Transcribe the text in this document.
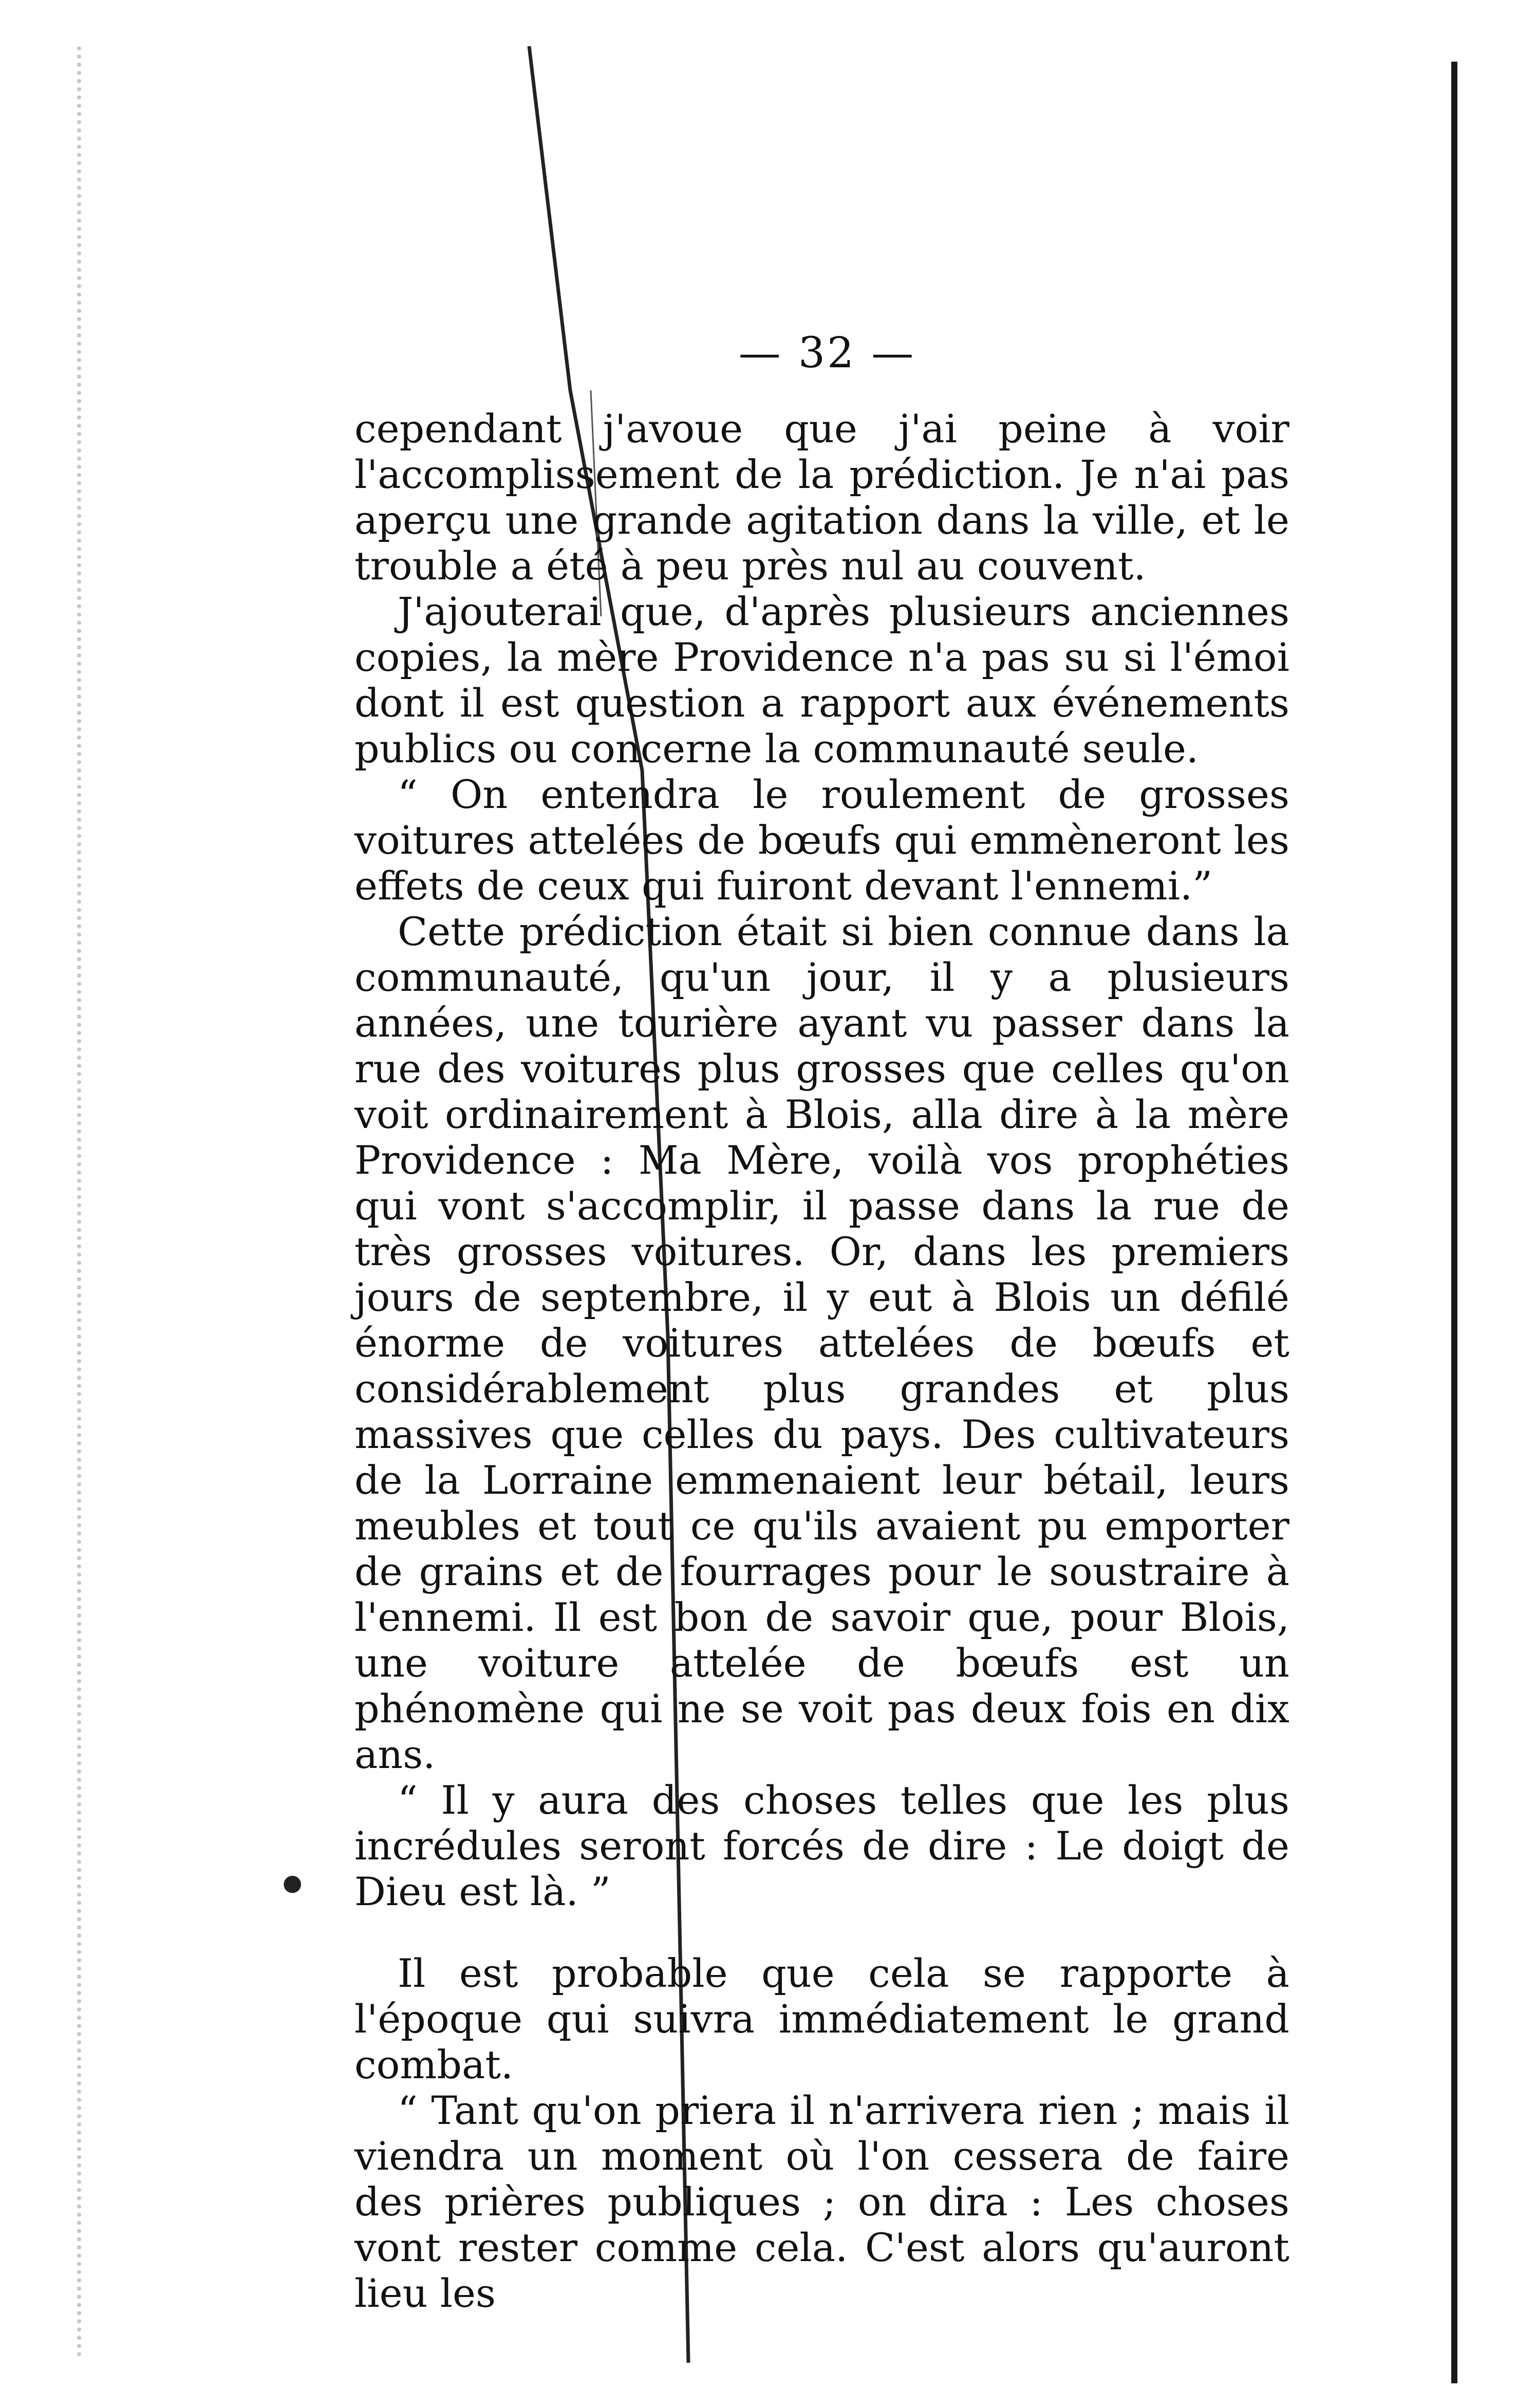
— 32 —

cependant j'avoue que j'ai peine à voir l'accomplissement de la prédiction. Je n'ai pas aperçu une grande agitation dans la ville, et le trouble a été à peu près nul au couvent.

J'ajouterai que, d'après plusieurs anciennes copies, la mère Providence n'a pas su si l'émoi dont il est question a rapport aux événements publics ou concerne la communauté seule.

“ On entendra le roulement de grosses voitures attelées de bœufs qui emmèneront les effets de ceux qui fuiront devant l'ennemi.”

Cette prédiction était si bien connue dans la communauté, qu'un jour, il y a plusieurs années, une tourière ayant vu passer dans la rue des voitures plus grosses que celles qu'on voit ordinairement à Blois, alla dire à la mère Providence : Ma Mère, voilà vos prophéties qui vont s'accomplir, il passe dans la rue de très grosses voitures. Or, dans les premiers jours de septembre, il y eut à Blois un défilé énorme de voitures attelées de bœufs et considérablement plus grandes et plus massives que celles du pays. Des cultivateurs de la Lorraine emmenaient leur bétail, leurs meubles et tout ce qu'ils avaient pu emporter de grains et de fourrages pour le soustraire à l'ennemi. Il est bon de savoir que, pour Blois, une voiture attelée de bœufs est un phénomène qui ne se voit pas deux fois en dix ans.

“ Il y aura des choses telles que les plus incrédules seront forcés de dire : Le doigt de Dieu est là. ”

Il est probable que cela se rapporte à l'époque qui suivra immédiatement le grand combat.

“ Tant qu'on priera il n'arrivera rien ; mais il viendra un moment où l'on cessera de faire des prières publiques ; on dira : Les choses vont rester comme cela. C'est alors qu'auront lieu les

●
